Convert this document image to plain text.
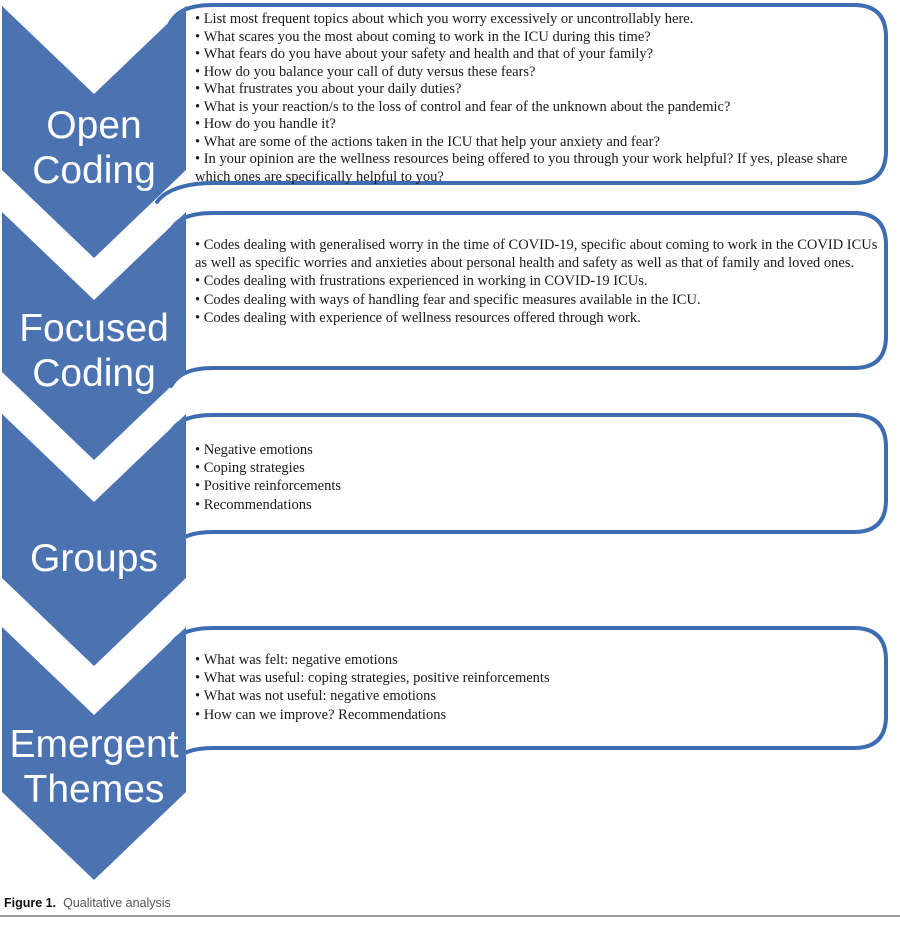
Open
Coding
Focused
Coding
Groups
Emergent
Themes
• List most frequent topics about which you worry excessively or uncontrollably here.
• What scares you the most about coming to work in the ICU during this time?
• What fears do you have about your safety and health and that of your family?
• How do you balance your call of duty versus these fears?
• What frustrates you about your daily duties?
• What is your reaction/s to the loss of control and fear of the unknown about the pandemic?
• How do you handle it?
• What are some of the actions taken in the ICU that help your anxiety and fear?
• In your opinion are the wellness resources being offered to you through your work helpful? If yes, please share which ones are specifically helpful to you?
• Codes dealing with generalised worry in the time of COVID-19, specific about coming to work in the COVID ICUs as well as specific worries and anxieties about personal health and safety as well as that of family and loved ones.
• Codes dealing with frustrations experienced in working in COVID-19 ICUs.
• Codes dealing with ways of handling fear and specific measures available in the ICU.
• Codes dealing with experience of wellness resources offered through work.
• Negative emotions
• Coping strategies
• Positive reinforcements
• Recommendations
• What was felt: negative emotions
• What was useful: coping strategies, positive reinforcements
• What was not useful: negative emotions
• How can we improve? Recommendations
Figure 1. Qualitative analysis
